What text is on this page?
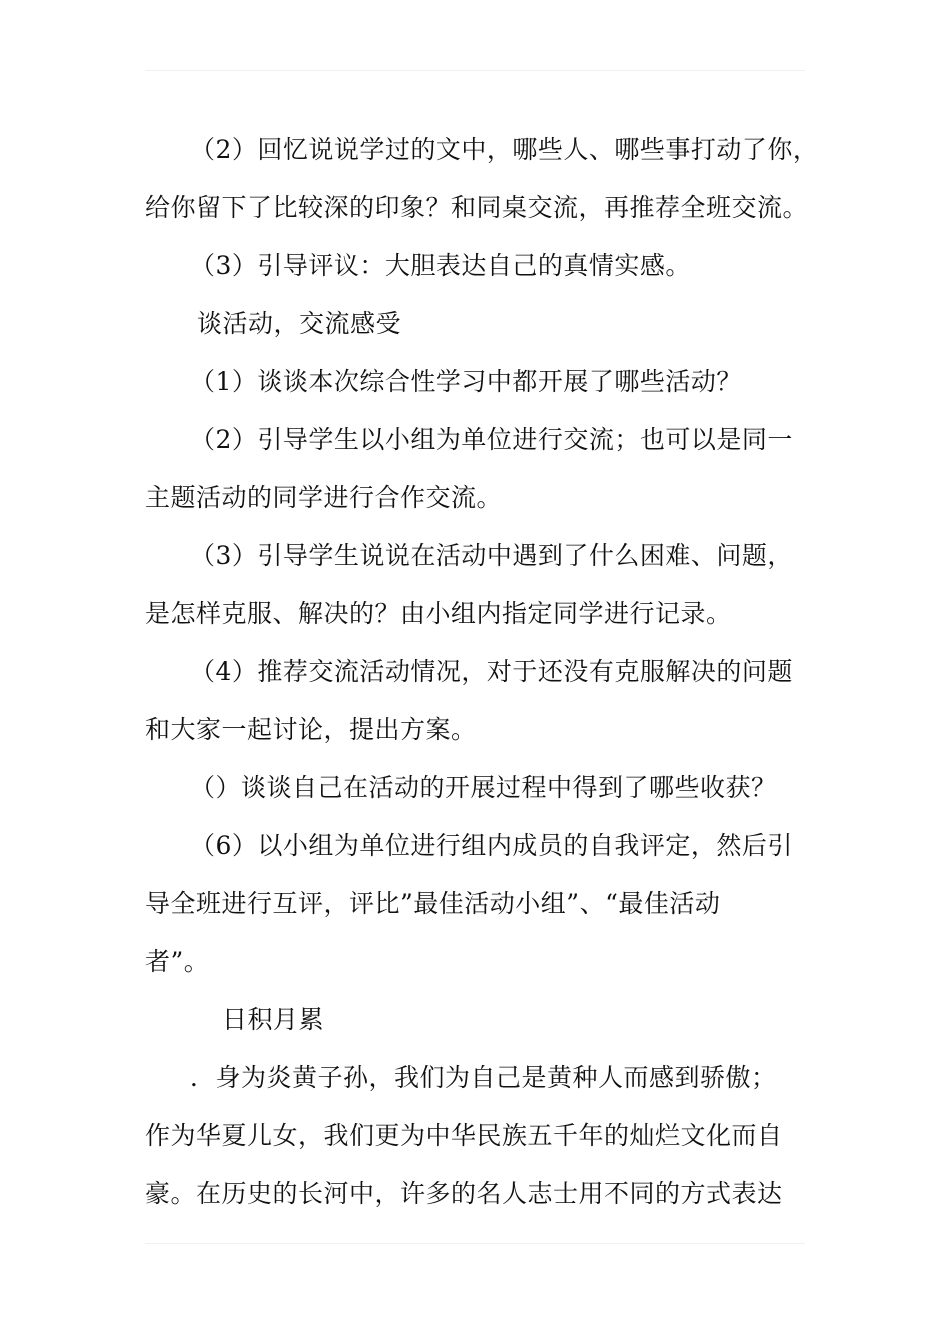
（2）回忆说说学过的文中，哪些人、哪些事打动了你，
给你留下了比较深的印象？和同桌交流，再推荐全班交流。
（3）引导评议：大胆表达自己的真情实感。
谈活动，交流感受
（1）谈谈本次综合性学习中都开展了哪些活动？
（2）引导学生以小组为单位进行交流；也可以是同一
主题活动的同学进行合作交流。
（3）引导学生说说在活动中遇到了什么困难、问题，
是怎样克服、解决的？由小组内指定同学进行记录。
（4）推荐交流活动情况，对于还没有克服解决的问题
和大家一起讨论，提出方案。
（）谈谈自己在活动的开展过程中得到了哪些收获？
（6）以小组为单位进行组内成员的自我评定，然后引
导全班进行互评，评比”最佳活动小组”、“最佳活动
者”。
日积月累
．身为炎黄子孙，我们为自己是黄种人而感到骄傲；
作为华夏儿女，我们更为中华民族五千年的灿烂文化而自
豪。在历史的长河中，许多的名人志士用不同的方式表达
